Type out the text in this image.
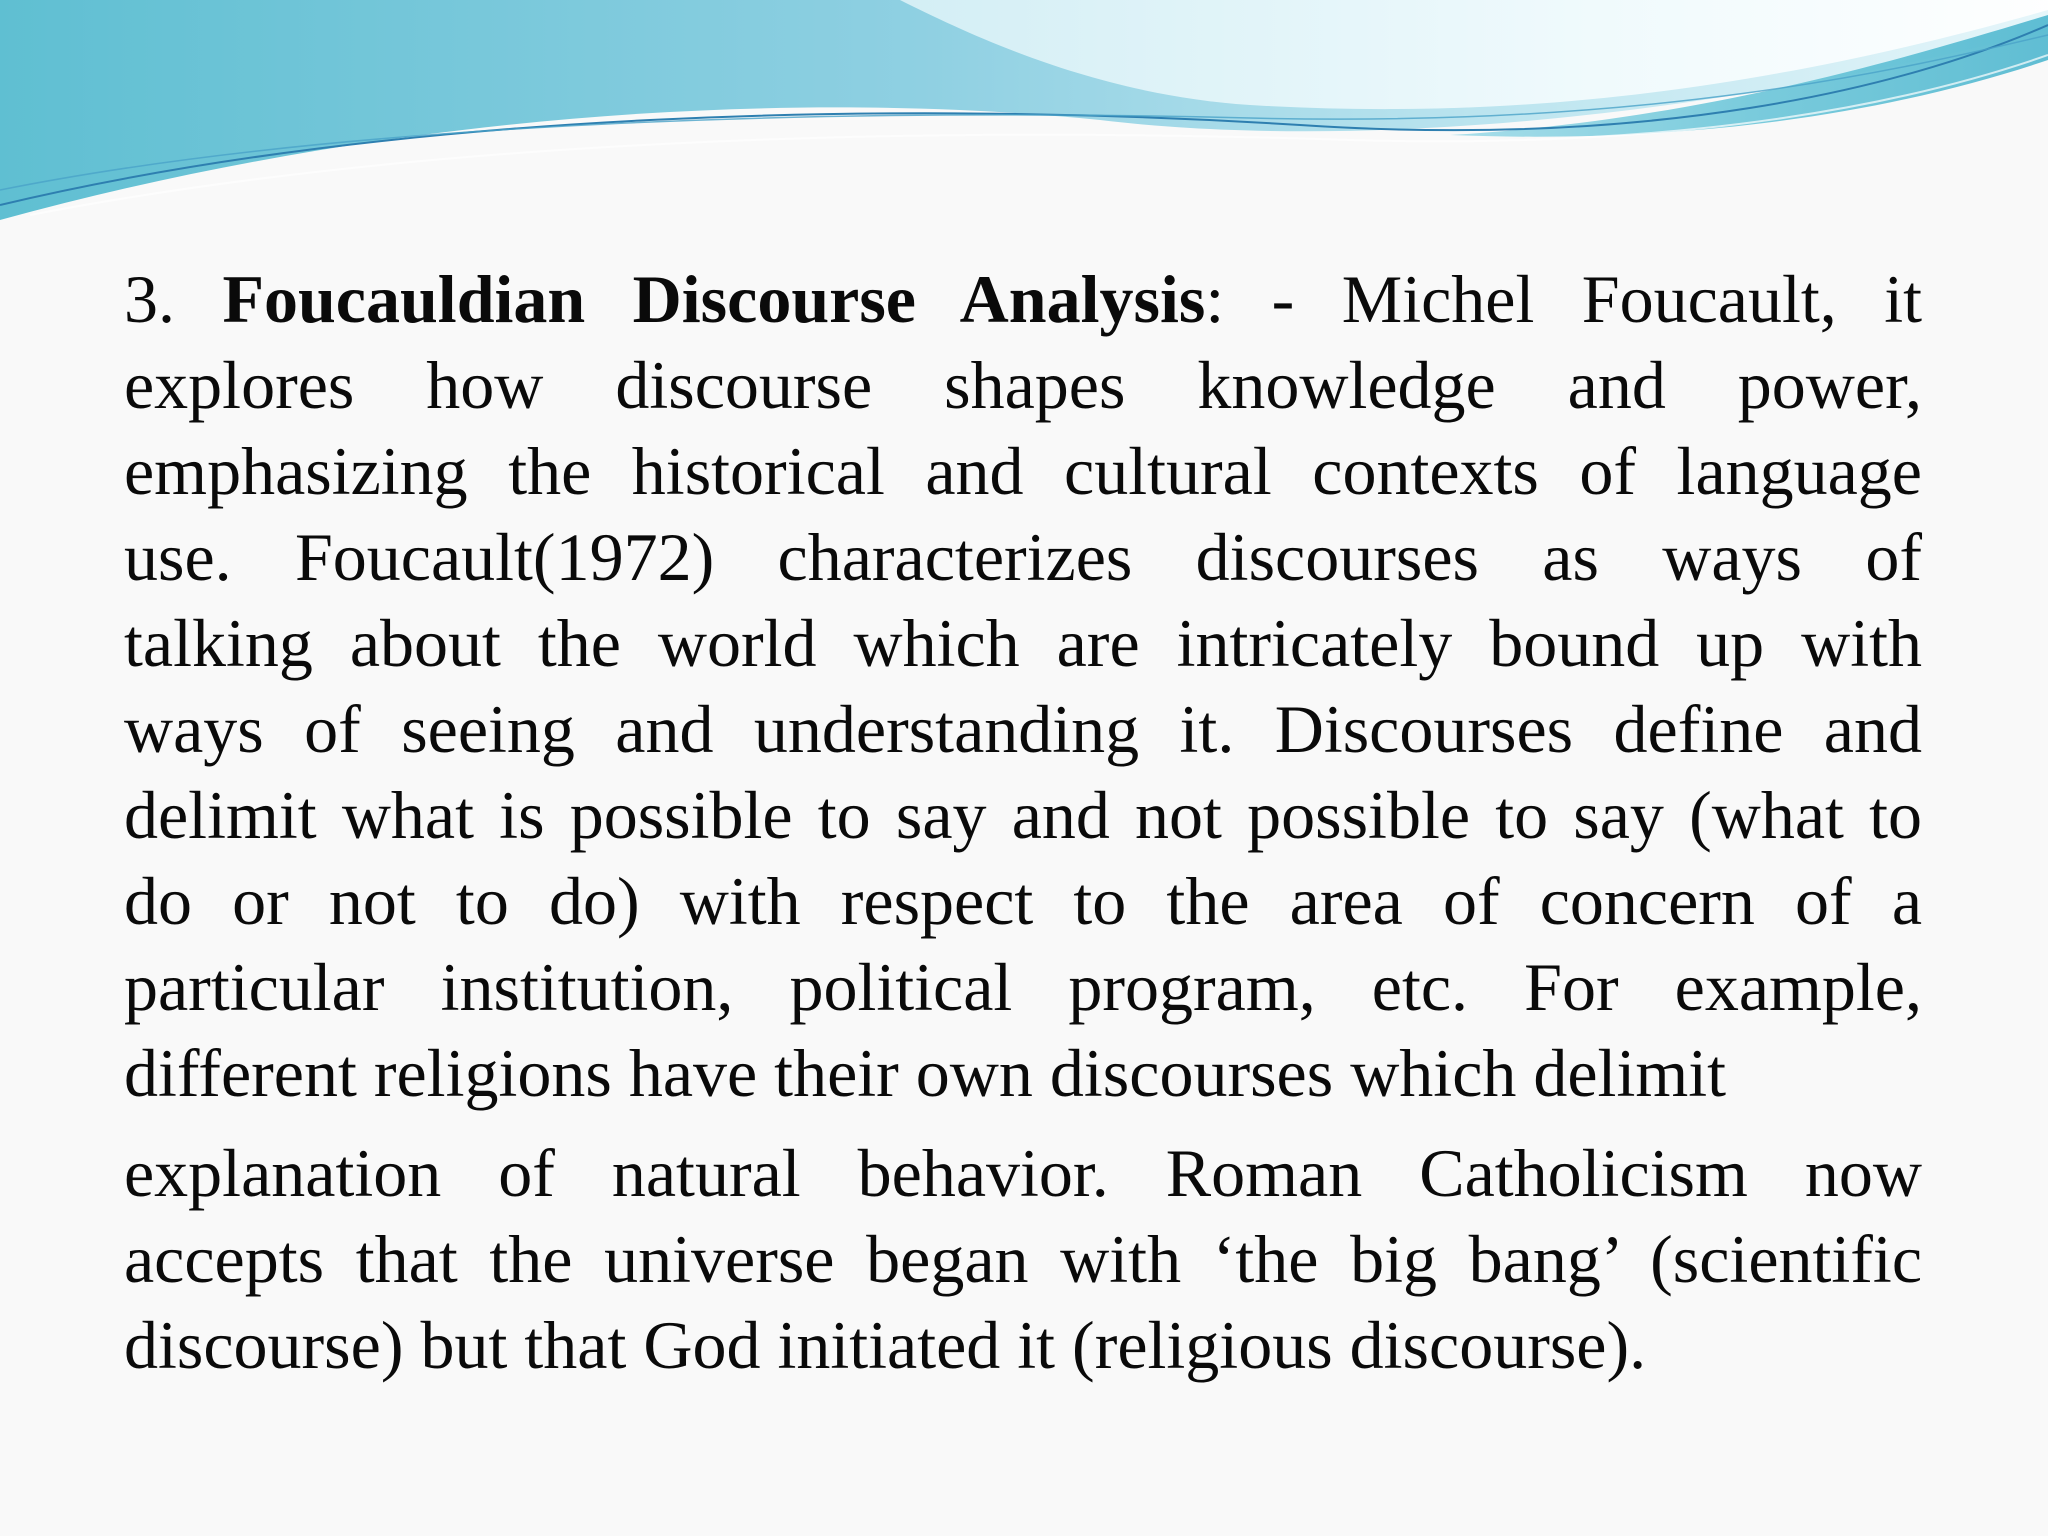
3. Foucauldian Discourse Analysis: - Michel Foucault, it
explores how discourse shapes knowledge and power,
emphasizing the historical and cultural contexts of language
use. Foucault(1972) characterizes discourses as ways of
talking about the world which are intricately bound up with
ways of seeing and understanding it. Discourses define and
delimit what is possible to say and not possible to say (what to
do or not to do) with respect to the area of concern of a
particular institution, political program, etc. For example,
different religions have their own discourses which delimit
explanation of natural behavior. Roman Catholicism now
accepts that the universe began with ‘the big bang’ (scientific
discourse) but that God initiated it (religious discourse).
